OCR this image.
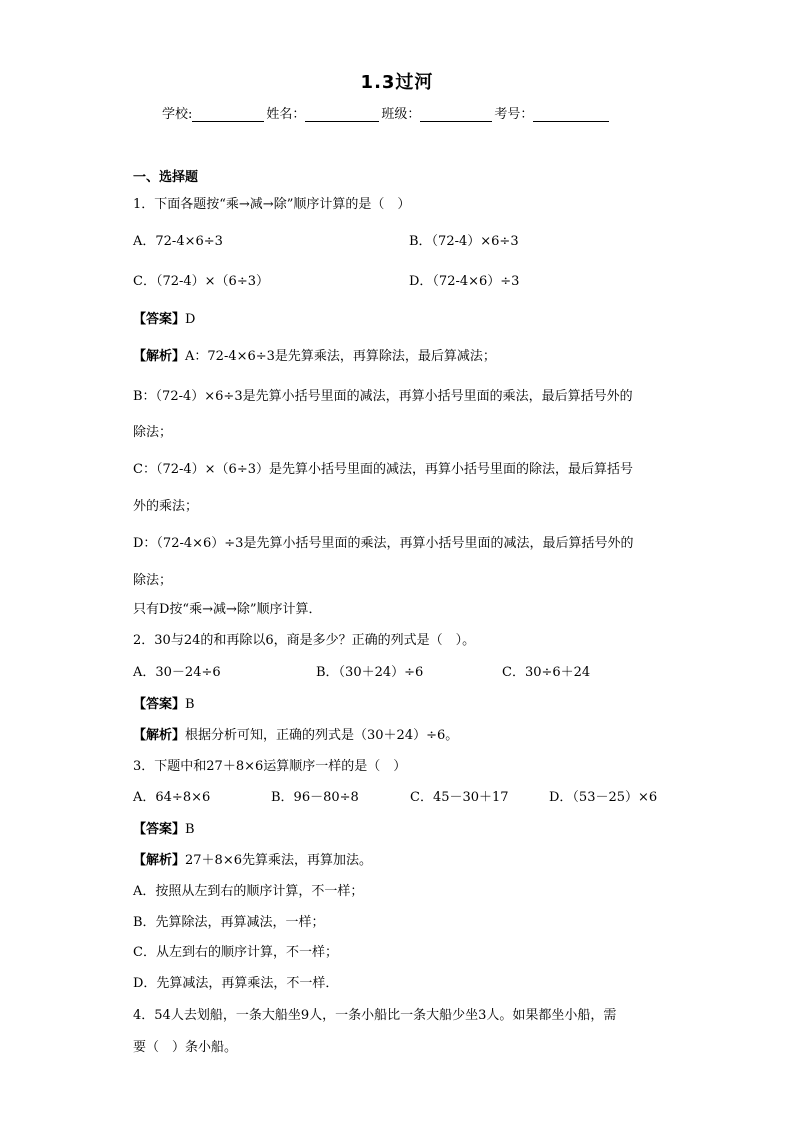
1.3过河
学校:	姓名：	班级：	考号：
一、选择题
1．下面各题按“乘→减→除”顺序计算的是（　）
A．72-4×6÷3	B．（72-4）×6÷3
C．（72-4）×（6÷3）	D．（72-4×6）÷3
【答案】D
【解析】A：72-4×6÷3是先算乘法，再算除法，最后算减法；
B：（72-4）×6÷3是先算小括号里面的减法，再算小括号里面的乘法，最后算括号外的
除法；
C：（72-4）×（6÷3）是先算小括号里面的减法，再算小括号里面的除法，最后算括号
外的乘法；
D：（72-4×6）÷3是先算小括号里面的乘法，再算小括号里面的减法，最后算括号外的
除法；
只有D按“乘→减→除”顺序计算．
2．30与24的和再除以6，商是多少？正确的列式是（　）。
A．30－24÷6	B．（30＋24）÷6	C．30÷6＋24
【答案】B
【解析】根据分析可知，正确的列式是（30＋24）÷6。
3．下题中和27＋8×6运算顺序一样的是（　）
A．64÷8×6	B．96－80÷8	C．45－30＋17	D．（53－25）×6
【答案】B
【解析】27＋8×6先算乘法，再算加法。
A．按照从左到右的顺序计算，不一样；
B．先算除法，再算减法，一样；
C．从左到右的顺序计算，不一样；
D．先算减法，再算乘法，不一样．
4．54人去划船，一条大船坐9人，一条小船比一条大船少坐3人。如果都坐小船，需
要（　）条小船。
